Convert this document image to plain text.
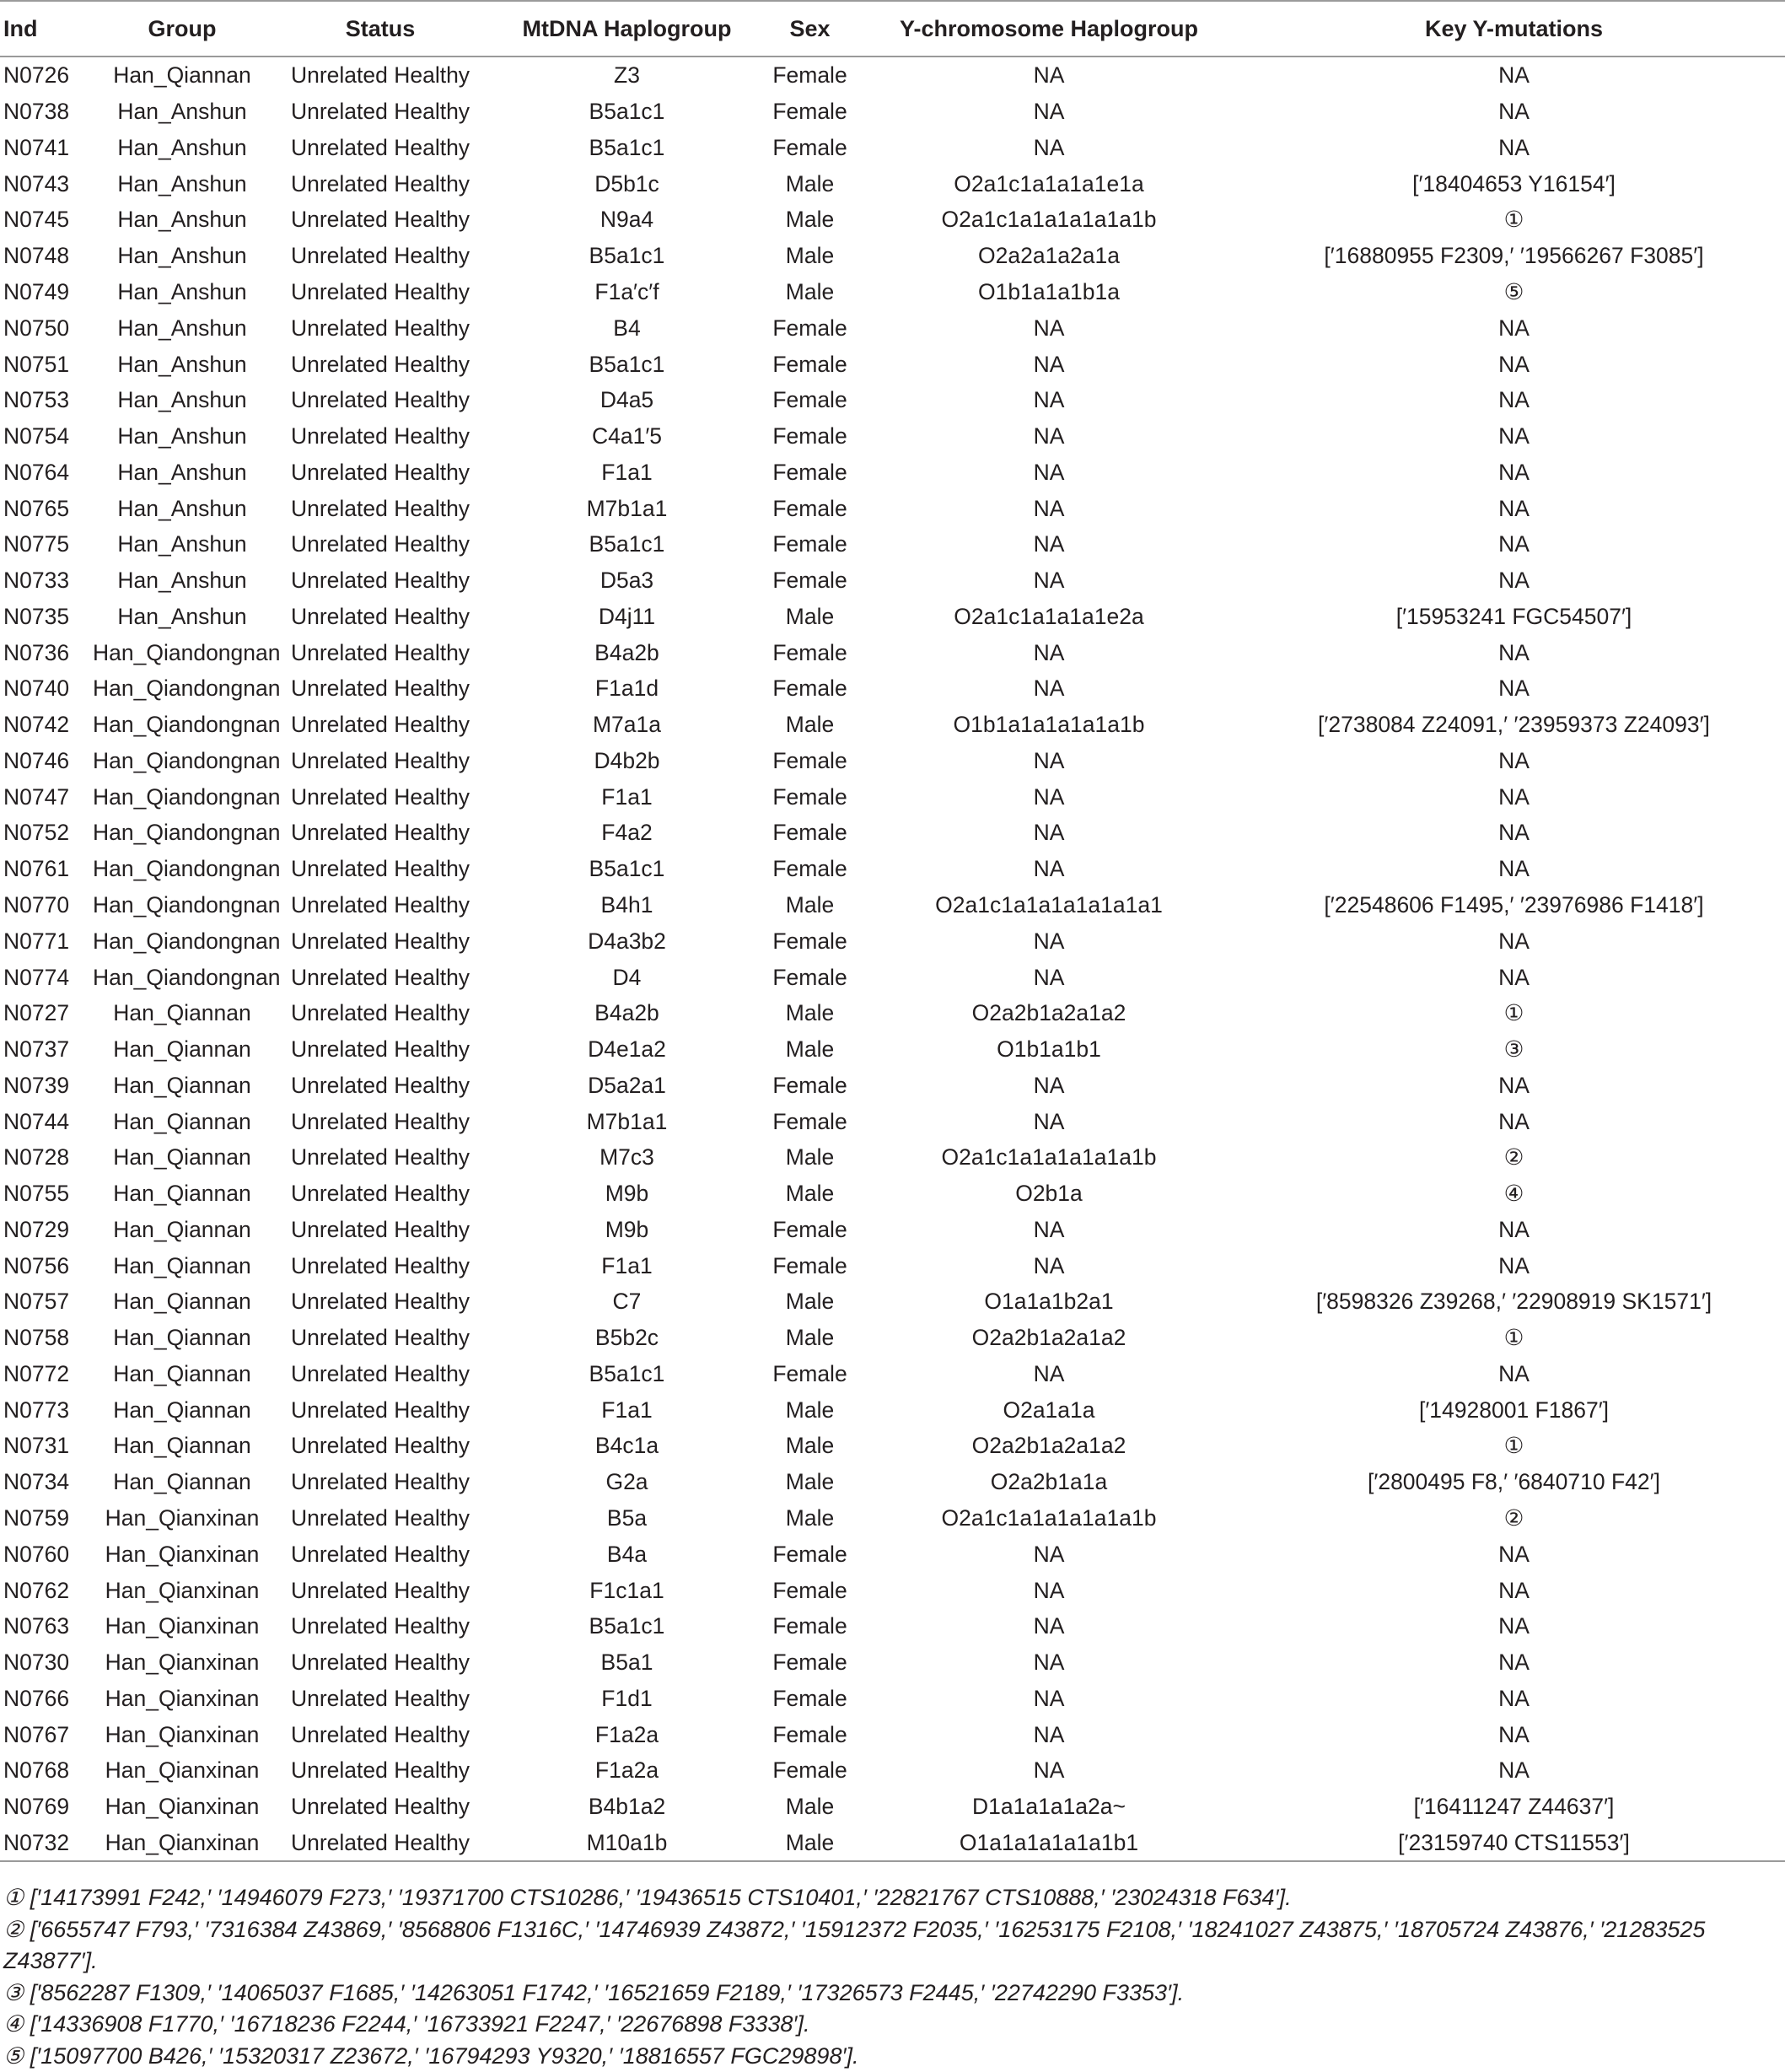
Ind	Group	Status	MtDNA Haplogroup	Sex	Y-chromosome Haplogroup	Key Y-mutations
N0726	Han_Qiannan	Unrelated Healthy	Z3	Female	NA	NA
N0738	Han_Anshun	Unrelated Healthy	B5a1c1	Female	NA	NA
N0741	Han_Anshun	Unrelated Healthy	B5a1c1	Female	NA	NA
N0743	Han_Anshun	Unrelated Healthy	D5b1c	Male	O2a1c1a1a1a1e1a	[′18404653 Y16154′]
N0745	Han_Anshun	Unrelated Healthy	N9a4	Male	O2a1c1a1a1a1a1a1b	①
N0748	Han_Anshun	Unrelated Healthy	B5a1c1	Male	O2a2a1a2a1a	[′16880955 F2309,′ ′19566267 F3085′]
N0749	Han_Anshun	Unrelated Healthy	F1a′c′f	Male	O1b1a1a1b1a	⑤
N0750	Han_Anshun	Unrelated Healthy	B4	Female	NA	NA
N0751	Han_Anshun	Unrelated Healthy	B5a1c1	Female	NA	NA
N0753	Han_Anshun	Unrelated Healthy	D4a5	Female	NA	NA
N0754	Han_Anshun	Unrelated Healthy	C4a1′5	Female	NA	NA
N0764	Han_Anshun	Unrelated Healthy	F1a1	Female	NA	NA
N0765	Han_Anshun	Unrelated Healthy	M7b1a1	Female	NA	NA
N0775	Han_Anshun	Unrelated Healthy	B5a1c1	Female	NA	NA
N0733	Han_Anshun	Unrelated Healthy	D5a3	Female	NA	NA
N0735	Han_Anshun	Unrelated Healthy	D4j11	Male	O2a1c1a1a1a1e2a	[′15953241 FGC54507′]
N0736	Han_Qiandongnan	Unrelated Healthy	B4a2b	Female	NA	NA
N0740	Han_Qiandongnan	Unrelated Healthy	F1a1d	Female	NA	NA
N0742	Han_Qiandongnan	Unrelated Healthy	M7a1a	Male	O1b1a1a1a1a1a1b	[′2738084 Z24091,′ ′23959373 Z24093′]
N0746	Han_Qiandongnan	Unrelated Healthy	D4b2b	Female	NA	NA
N0747	Han_Qiandongnan	Unrelated Healthy	F1a1	Female	NA	NA
N0752	Han_Qiandongnan	Unrelated Healthy	F4a2	Female	NA	NA
N0761	Han_Qiandongnan	Unrelated Healthy	B5a1c1	Female	NA	NA
N0770	Han_Qiandongnan	Unrelated Healthy	B4h1	Male	O2a1c1a1a1a1a1a1a1	[′22548606 F1495,′ ′23976986 F1418′]
N0771	Han_Qiandongnan	Unrelated Healthy	D4a3b2	Female	NA	NA
N0774	Han_Qiandongnan	Unrelated Healthy	D4	Female	NA	NA
N0727	Han_Qiannan	Unrelated Healthy	B4a2b	Male	O2a2b1a2a1a2	①
N0737	Han_Qiannan	Unrelated Healthy	D4e1a2	Male	O1b1a1b1	③
N0739	Han_Qiannan	Unrelated Healthy	D5a2a1	Female	NA	NA
N0744	Han_Qiannan	Unrelated Healthy	M7b1a1	Female	NA	NA
N0728	Han_Qiannan	Unrelated Healthy	M7c3	Male	O2a1c1a1a1a1a1a1b	②
N0755	Han_Qiannan	Unrelated Healthy	M9b	Male	O2b1a	④
N0729	Han_Qiannan	Unrelated Healthy	M9b	Female	NA	NA
N0756	Han_Qiannan	Unrelated Healthy	F1a1	Female	NA	NA
N0757	Han_Qiannan	Unrelated Healthy	C7	Male	O1a1a1b2a1	[′8598326 Z39268,′ ′22908919 SK1571′]
N0758	Han_Qiannan	Unrelated Healthy	B5b2c	Male	O2a2b1a2a1a2	①
N0772	Han_Qiannan	Unrelated Healthy	B5a1c1	Female	NA	NA
N0773	Han_Qiannan	Unrelated Healthy	F1a1	Male	O2a1a1a	[′14928001 F1867′]
N0731	Han_Qiannan	Unrelated Healthy	B4c1a	Male	O2a2b1a2a1a2	①
N0734	Han_Qiannan	Unrelated Healthy	G2a	Male	O2a2b1a1a	[′2800495 F8,′ ′6840710 F42′]
N0759	Han_Qianxinan	Unrelated Healthy	B5a	Male	O2a1c1a1a1a1a1a1b	②
N0760	Han_Qianxinan	Unrelated Healthy	B4a	Female	NA	NA
N0762	Han_Qianxinan	Unrelated Healthy	F1c1a1	Female	NA	NA
N0763	Han_Qianxinan	Unrelated Healthy	B5a1c1	Female	NA	NA
N0730	Han_Qianxinan	Unrelated Healthy	B5a1	Female	NA	NA
N0766	Han_Qianxinan	Unrelated Healthy	F1d1	Female	NA	NA
N0767	Han_Qianxinan	Unrelated Healthy	F1a2a	Female	NA	NA
N0768	Han_Qianxinan	Unrelated Healthy	F1a2a	Female	NA	NA
N0769	Han_Qianxinan	Unrelated Healthy	B4b1a2	Male	D1a1a1a1a2a~	[′16411247 Z44637′]
N0732	Han_Qianxinan	Unrelated Healthy	M10a1b	Male	O1a1a1a1a1a1b1	[′23159740 CTS11553′]

① [′14173991 F242,′ ′14946079 F273,′ ′19371700 CTS10286,′ ′19436515 CTS10401,′ ′22821767 CTS10888,′ ′23024318 F634′].

② [′6655747 F793,′ ′7316384 Z43869,′ ′8568806 F1316C,′ ′14746939 Z43872,′ ′15912372 F2035,′ ′16253175 F2108,′ ′18241027 Z43875,′ ′18705724 Z43876,′ ′21283525 Z43877′].

③ [′8562287 F1309,′ ′14065037 F1685,′ ′14263051 F1742,′ ′16521659 F2189,′ ′17326573 F2445,′ ′22742290 F3353′].

④ [′14336908 F1770,′ ′16718236 F2244,′ ′16733921 F2247,′ ′22676898 F3338′].

⑤ [′15097700 B426,′ ′15320317 Z23672,′ ′16794293 Y9320,′ ′18816557 FGC29898′].
